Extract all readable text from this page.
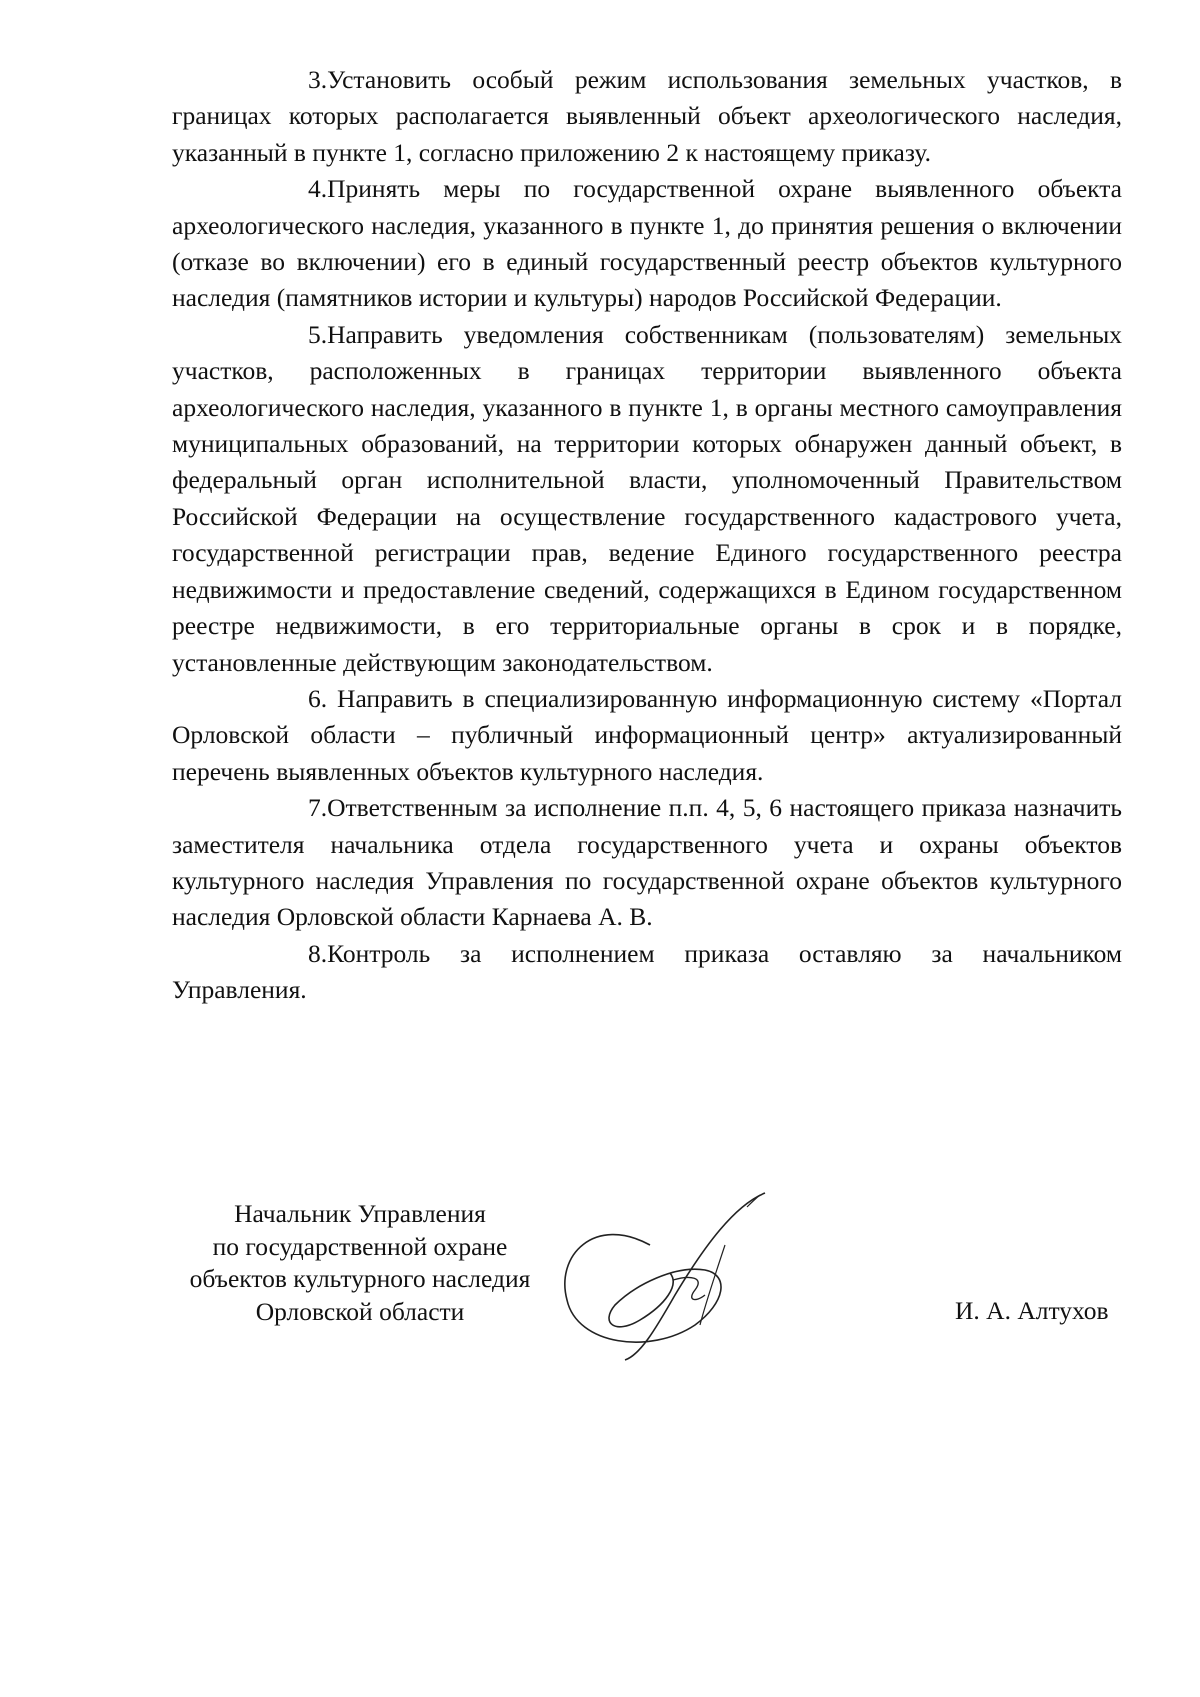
3.Установить особый режим использования земельных участков, в границах которых располагается выявленный объект археологического наследия, указанный в пункте 1, согласно приложению 2 к настоящему приказу.

4.Принять меры по государственной охране выявленного объекта археологического наследия, указанного в пункте 1, до принятия решения о включении (отказе во включении) его в единый государственный реестр объектов культурного наследия (памятников истории и культуры) народов Российской Федерации.

5.Направить уведомления собственникам (пользователям) земельных участков, расположенных в границах территории выявленного объекта археологического наследия, указанного в пункте 1, в органы местного самоуправления муниципальных образований, на территории которых обнаружен данный объект, в федеральный орган исполнительной власти, уполномоченный Правительством Российской Федерации на осуществление государственного кадастрового учета, государственной регистрации прав, ведение Единого государственного реестра недвижимости и предоставление сведений, содержащихся в Едином государственном реестре недвижимости, в его территориальные органы в срок и в порядке, установленные действующим законодательством.

6. Направить в специализированную информационную систему «Портал Орловской области – публичный информационный центр» актуализированный перечень выявленных объектов культурного наследия.

7.Ответственным за исполнение п.п. 4, 5, 6 настоящего приказа назначить заместителя начальника отдела государственного учета и охраны объектов культурного наследия Управления по государственной охране объектов культурного наследия Орловской области Карнаева А. В.

8.Контроль за исполнением приказа оставляю за начальником Управления.

Начальник Управления
по государственной охране
объектов культурного наследия
Орловской области	И. А. Алтухов
